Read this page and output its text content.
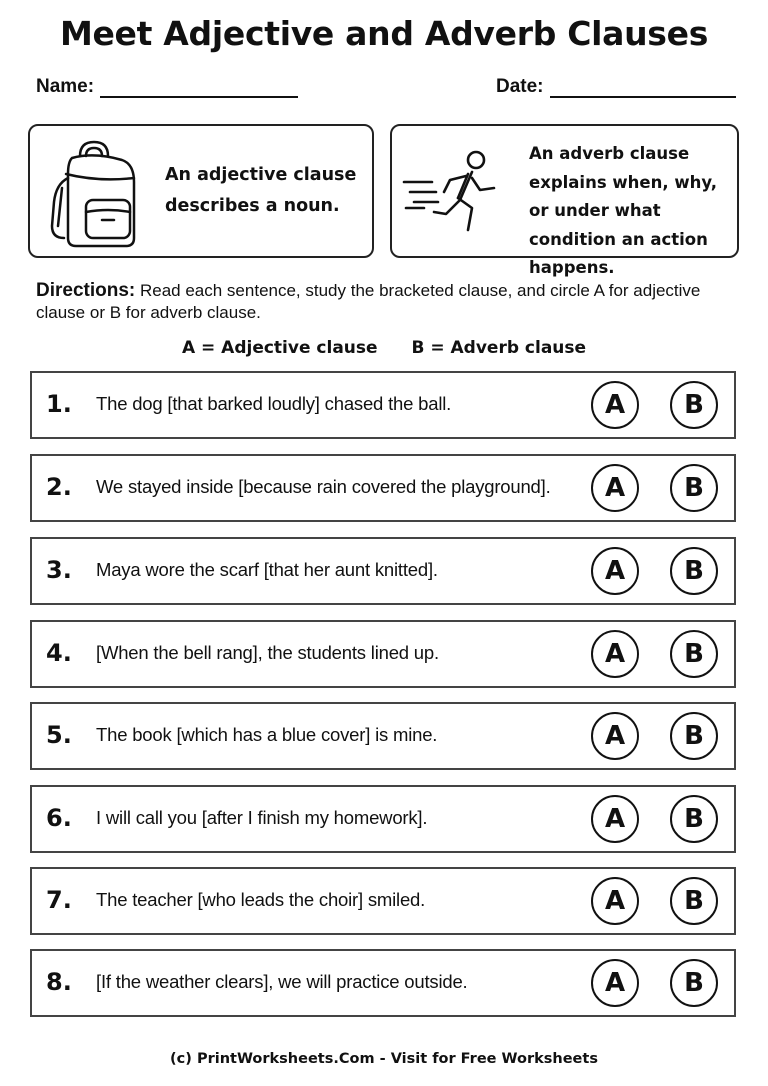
Meet Adjective and Adverb Clauses
Name:	Date:
An adjective clause describes a noun.
An adverb clause explains when, why, or under what condition an action happens.
Directions: Read each sentence, study the bracketed clause, and circle A for adjective clause or B for adverb clause.
A = Adjective clause B = Adverb clause
1. The dog [that barked loudly] chased the ball.	A	B
2. We stayed inside [because rain covered the playground].	A	B
3. Maya wore the scarf [that her aunt knitted].	A	B
4. [When the bell rang], the students lined up.	A	B
5. The book [which has a blue cover] is mine.	A	B
6. I will call you [after I finish my homework].	A	B
7. The teacher [who leads the choir] smiled.	A	B
8. [If the weather clears], we will practice outside.	A	B
(c) PrintWorksheets.Com - Visit for Free Worksheets
